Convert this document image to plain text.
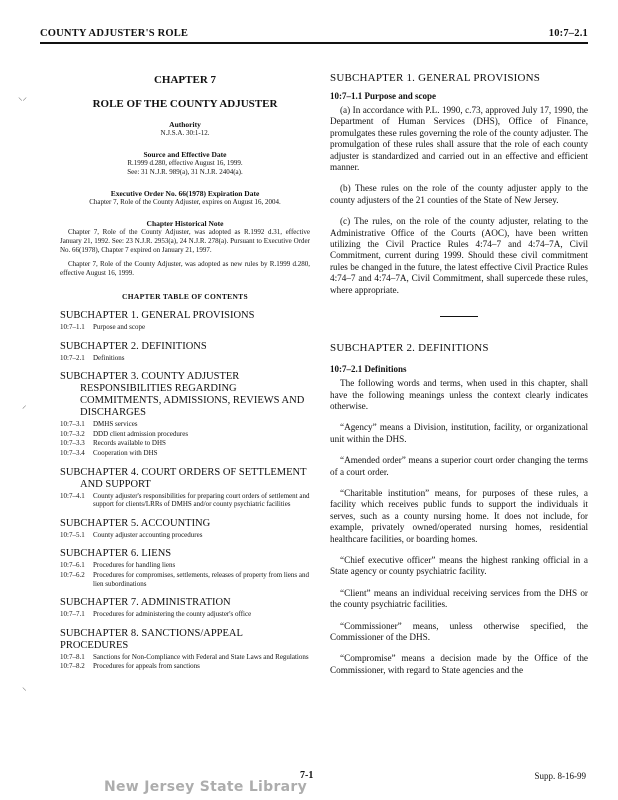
COUNTY ADJUSTER'S ROLE	10:7–2.1
⸜⸝
⸝
⸜
CHAPTER 7
ROLE OF THE COUNTY ADJUSTER
Authority
N.J.S.A. 30:1-12.
Source and Effective Date
R.1999 d.280, effective August 16, 1999.
See: 31 N.J.R. 989(a), 31 N.J.R. 2404(a).
Executive Order No. 66(1978) Expiration Date
Chapter 7, Role of the County Adjuster, expires on August 16, 2004.
Chapter Historical Note

Chapter 7, Role of the County Adjuster, was adopted as R.1992 d.31, effective January 21, 1992. See: 23 N.J.R. 2953(a), 24 N.J.R. 278(a). Pursuant to Executive Order No. 66(1978), Chapter 7 expired on January 21, 1997.

Chapter 7, Role of the County Adjuster, was adopted as new rules by R.1999 d.280, effective August 16, 1999.

CHAPTER TABLE OF CONTENTS
SUBCHAPTER 1. GENERAL PROVISIONS
10:7–1.1	Purpose and scope
SUBCHAPTER 2. DEFINITIONS
10:7–2.1	Definitions
SUBCHAPTER 3. COUNTY ADJUSTER
RESPONSIBILITIES REGARDING COMMITMENTS, ADMISSIONS, REVIEWS AND DISCHARGES
10:7–3.1	DMHS services
10:7–3.2	DDD client admission procedures
10:7–3.3	Records available to DHS
10:7–3.4	Cooperation with DHS
SUBCHAPTER 4. COURT ORDERS OF SETTLEMENT
AND SUPPORT
10:7–4.1	County adjuster's responsibilities for preparing court orders of settlement and support for clients/LRRs of DMHS and/or county psychiatric facilities
SUBCHAPTER 5. ACCOUNTING
10:7–5.1	County adjuster accounting procedures
SUBCHAPTER 6. LIENS
10:7–6.1	Procedures for handling liens
10:7–6.2	Procedures for compromises, settlements, releases of property from liens and lien subordinations
SUBCHAPTER 7. ADMINISTRATION
10:7–7.1	Procedures for administering the county adjuster's office
SUBCHAPTER 8. SANCTIONS/APPEAL PROCEDURES
10:7–8.1	Sanctions for Non-Compliance with Federal and State Laws and Regulations
10:7–8.2	Procedures for appeals from sanctions
SUBCHAPTER 1. GENERAL PROVISIONS
10:7–1.1 Purpose and scope

(a) In accordance with P.L. 1990, c.73, approved July 17, 1990, the Department of Human Services (DHS), Office of Finance, promulgates these rules governing the role of the county adjuster. The promulgation of these rules shall assure that the role of each county adjuster is standardized and carried out in an effective and efficient manner.

(b) These rules on the role of the county adjuster apply to the county adjusters of the 21 counties of the State of New Jersey.

(c) The rules, on the role of the county adjuster, relating to the Administrative Office of the Courts (AOC), have been written utilizing the Civil Practice Rules 4:74–7 and 4:74–7A, Civil Commitment, current during 1999. Should these civil commitment rules be changed in the future, the latest effective Civil Practice Rules 4:74–7 and 4:74–7A, Civil Commitment, shall supercede these rules, where appropriate.

SUBCHAPTER 2. DEFINITIONS
10:7–2.1 Definitions

The following words and terms, when used in this chapter, shall have the following meanings unless the context clearly indicates otherwise.

“Agency” means a Division, institution, facility, or organizational unit within the DHS.

“Amended order” means a superior court order changing the terms of a court order.

“Charitable institution” means, for purposes of these rules, a facility which receives public funds to support the individuals it serves, such as a county nursing home. It does not include, for example, privately owned/operated nursing homes, residential healthcare facilities, or boarding homes.

“Chief executive officer” means the highest ranking official in a State agency or county psychiatric facility.

“Client” means an individual receiving services from the DHS or the county psychiatric facilities.

“Commissioner” means, unless otherwise specified, the Commissioner of the DHS.

“Compromise” means a decision made by the Office of the Commissioner, with regard to State agencies and the

New Jersey State Library
7-1	Supp. 8-16-99
